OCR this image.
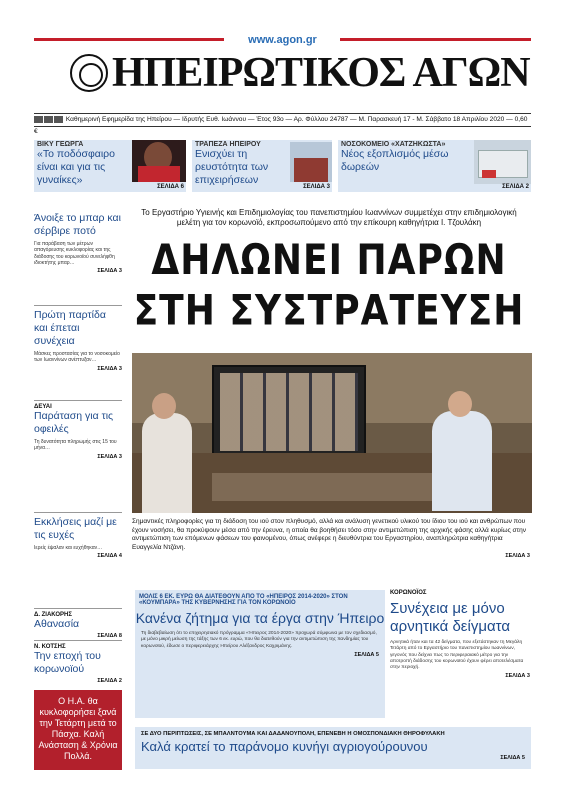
www.agon.gr
ΗΠΕΙΡΩΤΙΚΟΣ ΑΓΩΝ
Καθημερινή Εφημερίδα της Ηπείρου — Ιδρυτής Ευθ. Ιωάννου — Έτος 93ο — Αρ. Φύλλου 24787 — Μ. Παρασκευή 17 - Μ. Σάββατο 18 Απριλίου 2020 — 0,60 €
ΒΙΚΥ ΓΕΩΡΓΑ
«Το ποδόσφαιρο είναι και για τις γυναίκες»
ΣΕΛΙΔΑ 6
ΤΡΑΠΕΖΑ ΗΠΕΙΡΟΥ
Ενισχύει τη ρευστότητα των επιχειρήσεων
ΣΕΛΙΔΑ 3
ΝΟΣΟΚΟΜΕΙΟ «ΧΑΤΖΗΚΩΣΤΑ»
Νέος εξοπλισμός μέσω δωρεών
ΣΕΛΙΔΑ 2
Άνοιξε το μπαρ και σέρβιρε ποτό
Για παράβαση των μέτρων απαγόρευσης κυκλοφορίας και της διάδοσης του κορωνοϊού συνελήφθη ιδιοκτήτης μπαρ…
ΣΕΛΙΔΑ 3
Πρώτη παρτίδα και έπεται συνέχεια
Μάσκες προστασίας για το νοσοκομείο των Ιωαννίνων ανέπτυξαν…
ΣΕΛΙΔΑ 3
ΔΕΥΑΙ
Παράταση για τις οφειλές
Τη δυνατότητα πληρωμής στις 15 του μήνα…
ΣΕΛΙΔΑ 3
Εκκλήσεις μαζί με τις ευχές
Ιερείς έψαλαν και ευχήθηκαν…
ΣΕΛΙΔΑ 4
Δ. ΖΙΑΚΟΡΗΣ
Αθανασία
ΣΕΛΙΔΑ 8
Ν. ΚΟΤΣΗΣ
Την εποχή του κορωνοϊού
ΣΕΛΙΔΑ 2
Ο Η.Α. θα κυκλοφορήσει ξανά την Τετάρτη μετά το Πάσχα. Καλή Ανάσταση & Χρόνια Πολλά.
Το Εργαστήριο Υγιεινής και Επιδημιολογίας του πανεπιστημίου Ιωαννίνων συμμετέχει στην επιδημιολογική μελέτη για τον κορωνοϊό, εκπροσωπούμενο από την επίκουρη καθηγήτρια Ι. Τζουλάκη
ΔΗΛΩΝΕΙ ΠΑΡΩΝ
ΣΤΗ ΣΥΣΤΡΑΤΕΥΣΗ
Σημαντικές πληροφορίες για τη διάδοση του ιού στον πληθυσμό, αλλά και ανάλυση γενετικού υλικού του ίδιου του ιού και ανθρώπων που έχουν νοσήσει, θα προκύψουν μέσα από την έρευνα, η οποία θα βοηθήσει τόσο στην αντιμετώπιση της αρχικής φάσης αλλά κυρίως στην αντιμετώπιση των επόμενων φάσεων του φαινομένου, όπως ανέφερε η διευθύντρια του Εργαστηρίου, αναπληρώτρια καθηγήτρια Ευαγγελία Ντζάνη.
ΣΕΛΙΔΑ 3
ΜΟΛΙΣ 6 ΕΚ. ΕΥΡΩ ΘΑ ΔΙΑΤΕΘΟΥΝ ΑΠΟ ΤΟ «ΗΠΕΙΡΟΣ 2014-2020» ΣΤΟΝ «ΚΟΥΜΠΑΡΑ» ΤΗΣ ΚΥΒΕΡΝΗΣΗΣ ΓΙΑ ΤΟΝ ΚΟΡΩΝΟΪΟ
Κανένα ζήτημα για τα έργα στην Ήπειρο
Τη διαβεβαίωση ότι το επιχειρησιακό πρόγραμμα «Ήπειρος 2014-2020» προχωρά σύμφωνα με τον σχεδιασμό, με μόνο μικρή μείωση της τάξης των 6 εκ. ευρώ, που θα διατεθούν για την αντιμετώπιση της πανδημίας του κορωνοϊού, έδωσε ο περιφερειάρχης Ηπείρου Αλέξανδρος Καχριμάνης.
ΣΕΛΙΔΑ 5
ΚΟΡΩΝΟΪΟΣ
Συνέχεια με μόνο αρνητικά δείγματα
Αρνητικά ήταν και τα 42 δείγματα, που εξετάστηκαν τη Μεγάλη Τετάρτη από το Εργαστήριο του πανεπιστημίου Ιωαννίνων, γεγονός που δείχνει πως το περιφεραιακό μέτρο για την αποτροπή διάδοσης του κορωνοϊού έχουν φέρει αποτελέσματα στην περιοχή.
ΣΕΛΙΔΑ 3
ΣΕ ΔΥΟ ΠΕΡΙΠΤΩΣΕΙΣ, ΣΕ ΜΠΑΛΝΤΟΥΜΑ ΚΑΙ ΔΑΔΑΝΟΥΠΟΛΗ, ΕΠΕΝΕΒΗ Η ΟΜΟΣΠΟΝΔΙΑΚΗ ΘΗΡΟΦΥΛΑΚΗ
Καλά κρατεί το παράνομο κυνήγι αγριογούρουνου
ΣΕΛΙΔΑ 5
